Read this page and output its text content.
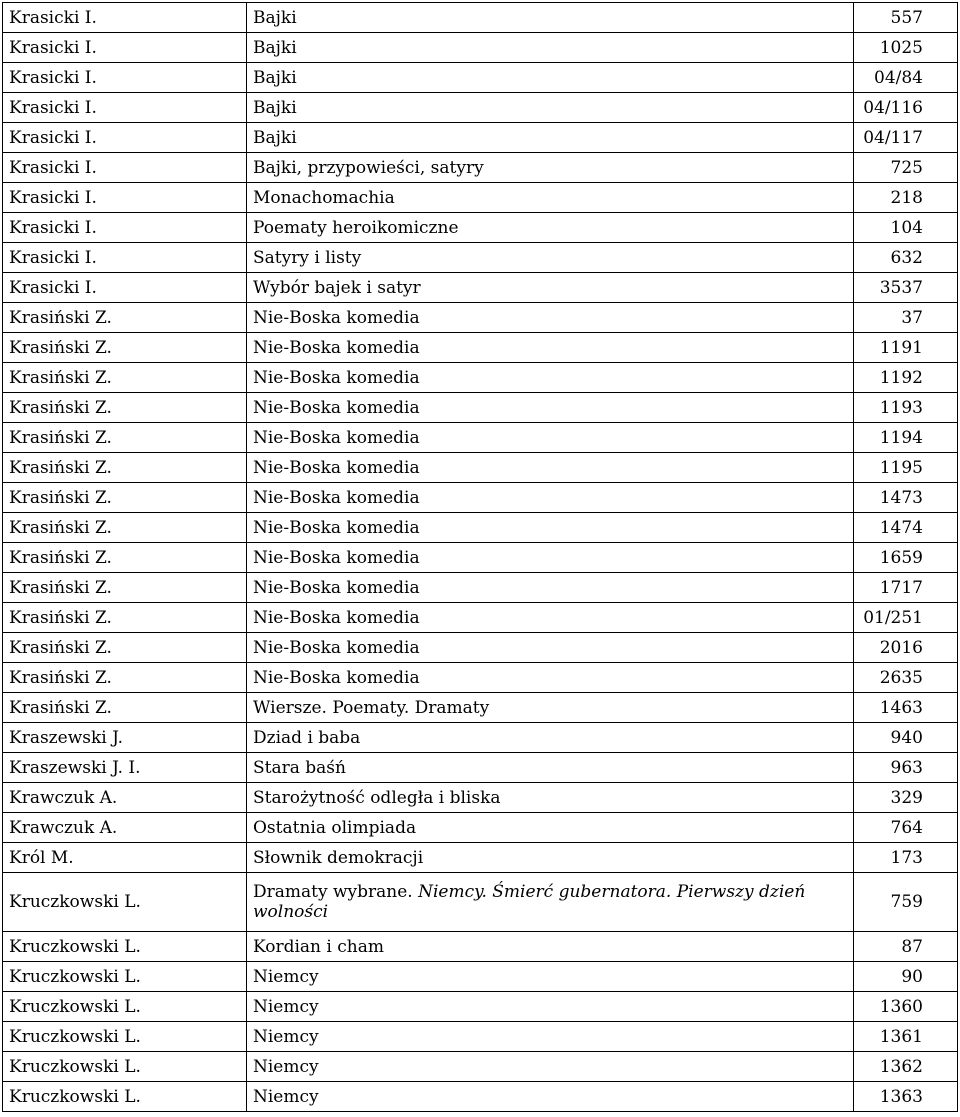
Krasicki I.	Bajki	557
Krasicki I.	Bajki	1025
Krasicki I.	Bajki	04/84
Krasicki I.	Bajki	04/116
Krasicki I.	Bajki	04/117
Krasicki I.	Bajki, przypowieści, satyry	725
Krasicki I.	Monachomachia	218
Krasicki I.	Poematy heroikomiczne	104
Krasicki I.	Satyry i listy	632
Krasicki I.	Wybór bajek i satyr	3537
Krasiński Z.	Nie-Boska komedia	37
Krasiński Z.	Nie-Boska komedia	1191
Krasiński Z.	Nie-Boska komedia	1192
Krasiński Z.	Nie-Boska komedia	1193
Krasiński Z.	Nie-Boska komedia	1194
Krasiński Z.	Nie-Boska komedia	1195
Krasiński Z.	Nie-Boska komedia	1473
Krasiński Z.	Nie-Boska komedia	1474
Krasiński Z.	Nie-Boska komedia	1659
Krasiński Z.	Nie-Boska komedia	1717
Krasiński Z.	Nie-Boska komedia	01/251
Krasiński Z.	Nie-Boska komedia	2016
Krasiński Z.	Nie-Boska komedia	2635
Krasiński Z.	Wiersze. Poematy. Dramaty	1463
Kraszewski J.	Dziad i baba	940
Kraszewski J. I.	Stara baśń	963
Krawczuk A.	Starożytność odległa i bliska	329
Krawczuk A.	Ostatnia olimpiada	764
Król M.	Słownik demokracji	173
Kruczkowski L.	Dramaty wybrane. Niemcy. Śmierć gubernatora. Pierwszy dzień wolności	759
Kruczkowski L.	Kordian i cham	87
Kruczkowski L.	Niemcy	90
Kruczkowski L.	Niemcy	1360
Kruczkowski L.	Niemcy	1361
Kruczkowski L.	Niemcy	1362
Kruczkowski L.	Niemcy	1363
